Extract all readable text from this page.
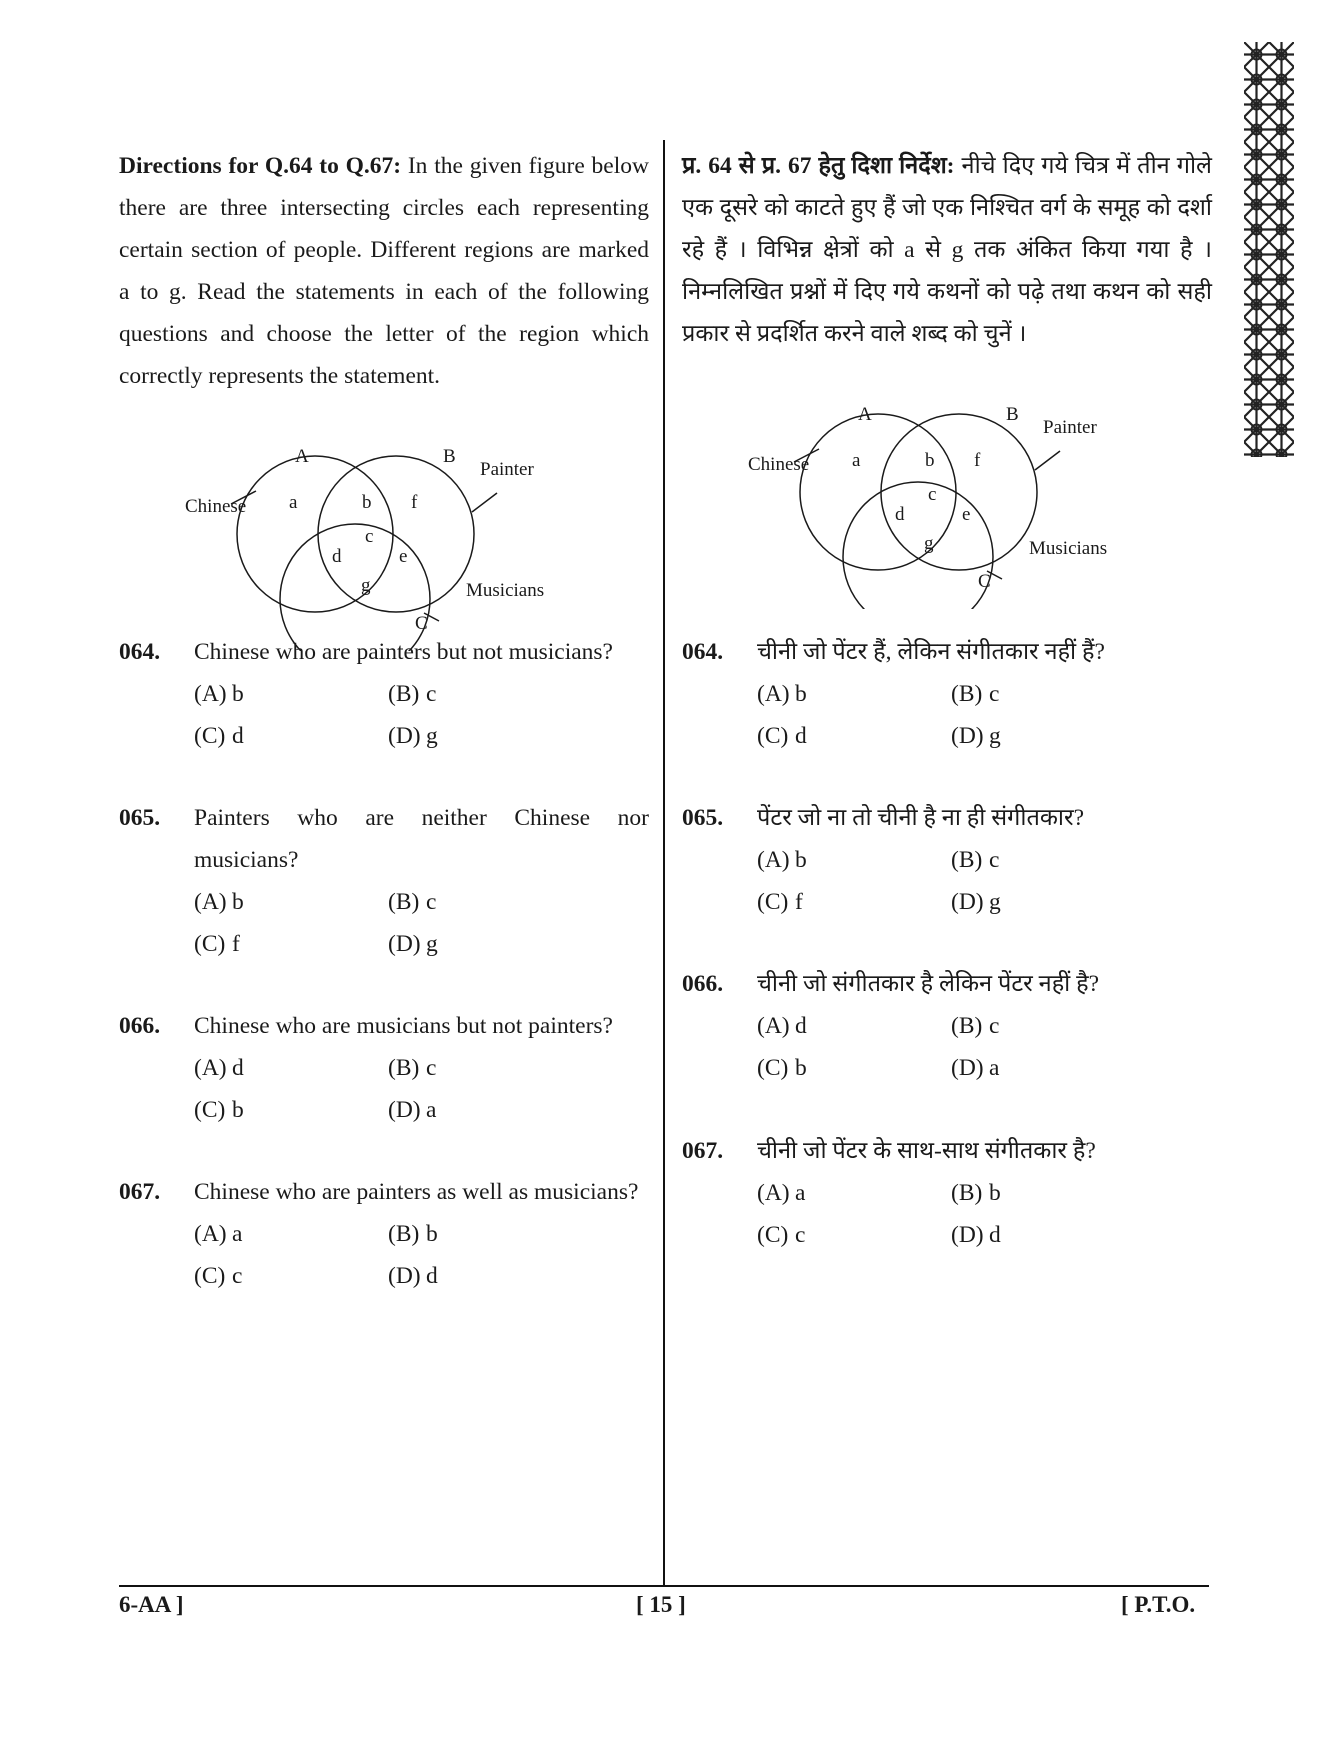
Directions for Q.64 to Q.67: In the given figure below there are three intersecting circles each representing certain section of people. Different regions are marked a to g. Read the statements in each of the following questions and choose the letter of the region which correctly represents the statement.

A	B
C
Chinese
Painter
Musicians
a	b
c
d	e
f
g
064. Chinese who are painters but not musicians?
(A) b	(B) c
(C) d	(D) g
065. Painters who are neither Chinese nor musicians?
(A) b	(B) c
(C) f	(D) g
066. Chinese who are musicians but not painters?
(A) d	(B) c
(C) b	(D) a
067. Chinese who are painters as well as musicians?
(A) a	(B) b
(C) c	(D) d

प्र. 64 से प्र. 67 हेतु दिशा निर्देश: नीचे दिए गये चित्र में तीन गोले एक दूसरे को काटते हुए हैं जो एक निश्चित वर्ग के समूह को दर्शा रहे हैं । विभिन्न क्षेत्रों को a से g तक अंकित किया गया है । निम्नलिखित प्रश्नों में दिए गये कथनों को पढ़े तथा कथन को सही प्रकार से प्रदर्शित करने वाले शब्द को चुनें ।

A	B
C
Chinese
Painter
Musicians
a	b
c
d	e
f
g
064. चीनी जो पेंटर हैं, लेकिन संगीतकार नहीं हैं?
(A) b	(B) c
(C) d	(D) g
065. पेंटर जो ना तो चीनी है ना ही संगीतकार?
(A) b	(B) c
(C) f	(D) g
066. चीनी जो संगीतकार है लेकिन पेंटर नहीं है?
(A) d	(B) c
(C) b	(D) a
067. चीनी जो पेंटर के साथ-साथ संगीतकार है?
(A) a	(B) b
(C) c	(D) d
6-AA ]	[ 15 ]	[ P.T.O.
